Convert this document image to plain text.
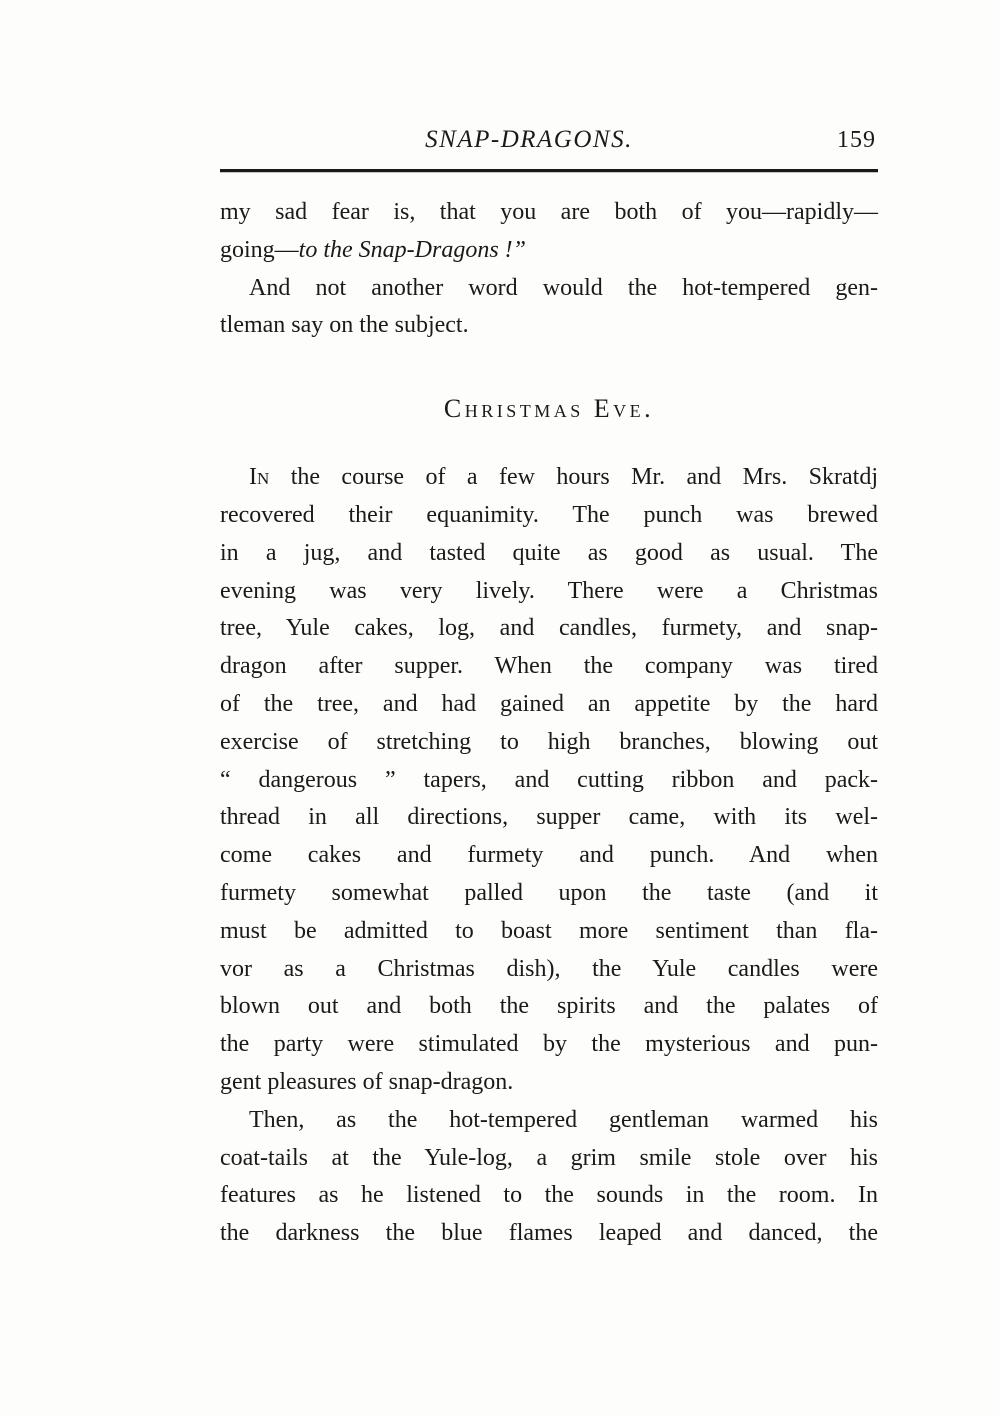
SNAP-DRAGONS.	159

my sad fear is, that you are both of you—rapidly—
going—to the Snap-Dragons !”
And not another word would the hot-tempered gen-
tleman say on the subject.

Christmas Eve.

In the course of a few hours Mr. and Mrs. Skratdj
recovered their equanimity. The punch was brewed
in a jug, and tasted quite as good as usual. The
evening was very lively. There were a Christmas
tree, Yule cakes, log, and candles, furmety, and snap-
dragon after supper. When the company was tired
of the tree, and had gained an appetite by the hard
exercise of stretching to high branches, blowing out
“ dangerous ” tapers, and cutting ribbon and pack-
thread in all directions, supper came, with its wel-
come cakes and furmety and punch. And when
furmety somewhat palled upon the taste (and it
must be admitted to boast more sentiment than fla-
vor as a Christmas dish), the Yule candles were
blown out and both the spirits and the palates of
the party were stimulated by the mysterious and pun-
gent pleasures of snap-dragon.

Then, as the hot-tempered gentleman warmed his
coat-tails at the Yule-log, a grim smile stole over his
features as he listened to the sounds in the room. In
the darkness the blue flames leaped and danced, the
